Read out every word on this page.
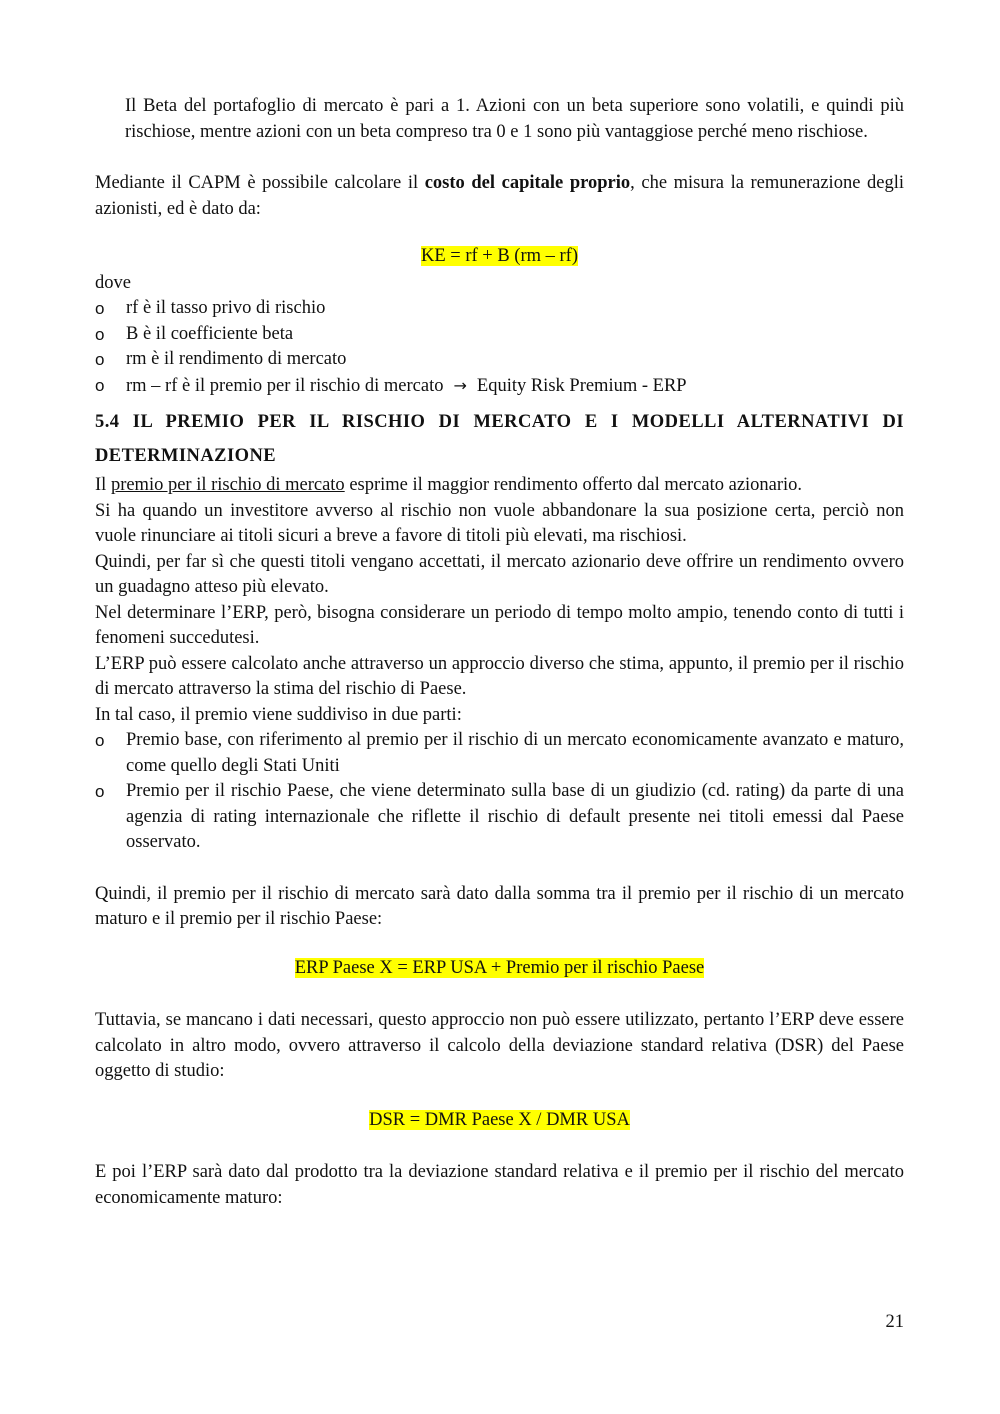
Il Beta del portafoglio di mercato è pari a 1. Azioni con un beta superiore sono volatili, e quindi più rischiose, mentre azioni con un beta compreso tra 0 e 1 sono più vantaggiose perché meno rischiose.

Mediante il CAPM è possibile calcolare il costo del capitale proprio, che misura la remunerazione degli azionisti, ed è dato da:

KE = rf + B (rm – rf)

dove

o rf è il tasso privo di rischio
o B è il coefficiente beta
o rm è il rendimento di mercato
o rm – rf è il premio per il rischio di mercato → Equity Risk Premium - ERP
5.4 IL PREMIO PER IL RISCHIO DI MERCATO E I MODELLI ALTERNATIVI DI DETERMINAZIONE

Il premio per il rischio di mercato esprime il maggior rendimento offerto dal mercato azionario.

Si ha quando un investitore avverso al rischio non vuole abbandonare la sua posizione certa, perciò non vuole rinunciare ai titoli sicuri a breve a favore di titoli più elevati, ma rischiosi.

Quindi, per far sì che questi titoli vengano accettati, il mercato azionario deve offrire un rendimento ovvero un guadagno atteso più elevato.

Nel determinare l’ERP, però, bisogna considerare un periodo di tempo molto ampio, tenendo conto di tutti i fenomeni succedutesi.

L’ERP può essere calcolato anche attraverso un approccio diverso che stima, appunto, il premio per il rischio di mercato attraverso la stima del rischio di Paese.

In tal caso, il premio viene suddiviso in due parti:

o Premio base, con riferimento al premio per il rischio di un mercato economicamente avanzato e maturo, come quello degli Stati Uniti
o Premio per il rischio Paese, che viene determinato sulla base di un giudizio (cd. rating) da parte di una agenzia di rating internazionale che riflette il rischio di default presente nei titoli emessi dal Paese osservato.

Quindi, il premio per il rischio di mercato sarà dato dalla somma tra il premio per il rischio di un mercato maturo e il premio per il rischio Paese:

ERP Paese X = ERP USA + Premio per il rischio Paese

Tuttavia, se mancano i dati necessari, questo approccio non può essere utilizzato, pertanto l’ERP deve essere calcolato in altro modo, ovvero attraverso il calcolo della deviazione standard relativa (DSR) del Paese oggetto di studio:

DSR = DMR Paese X / DMR USA

E poi l’ERP sarà dato dal prodotto tra la deviazione standard relativa e il premio per il rischio del mercato economicamente maturo:

21
